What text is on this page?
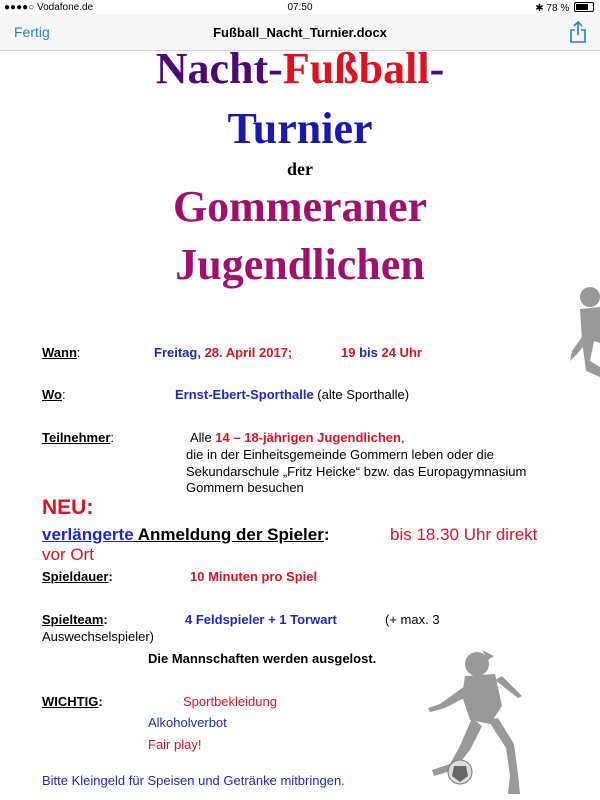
●●●●○ Vodafone.de	07:50	✱ 78 %
Fertig	Fußball_Nacht_Turnier.docx
Nacht-Fußball-
Turnier
der
Gommeraner
Jugendlichen
Wann:	Freitag, 28. April 2017;	19 bis 24 Uhr
Wo:	Ernst-Ebert-Sporthalle (alte Sporthalle)
Teilnehmer:	Alle 14 – 18-jährigen Jugendlichen,
die in der Einheitsgemeinde Gommern leben oder die
Sekundarschule „Fritz Heicke“ bzw. das Europagymnasium
Gommern besuchen
NEU:
verlängerte Anmeldung der Spieler:	bis 18.30 Uhr direkt
vor Ort
Spieldauer:	10 Minuten pro Spiel
Spielteam:	4 Feldspieler + 1 Torwart	(+ max. 3
Auswechselspieler)
Die Mannschaften werden ausgelost.
WICHTIG:	Sportbekleidung
Alkoholverbot
Fair play!
Bitte Kleingeld für Speisen und Getränke mitbringen.
